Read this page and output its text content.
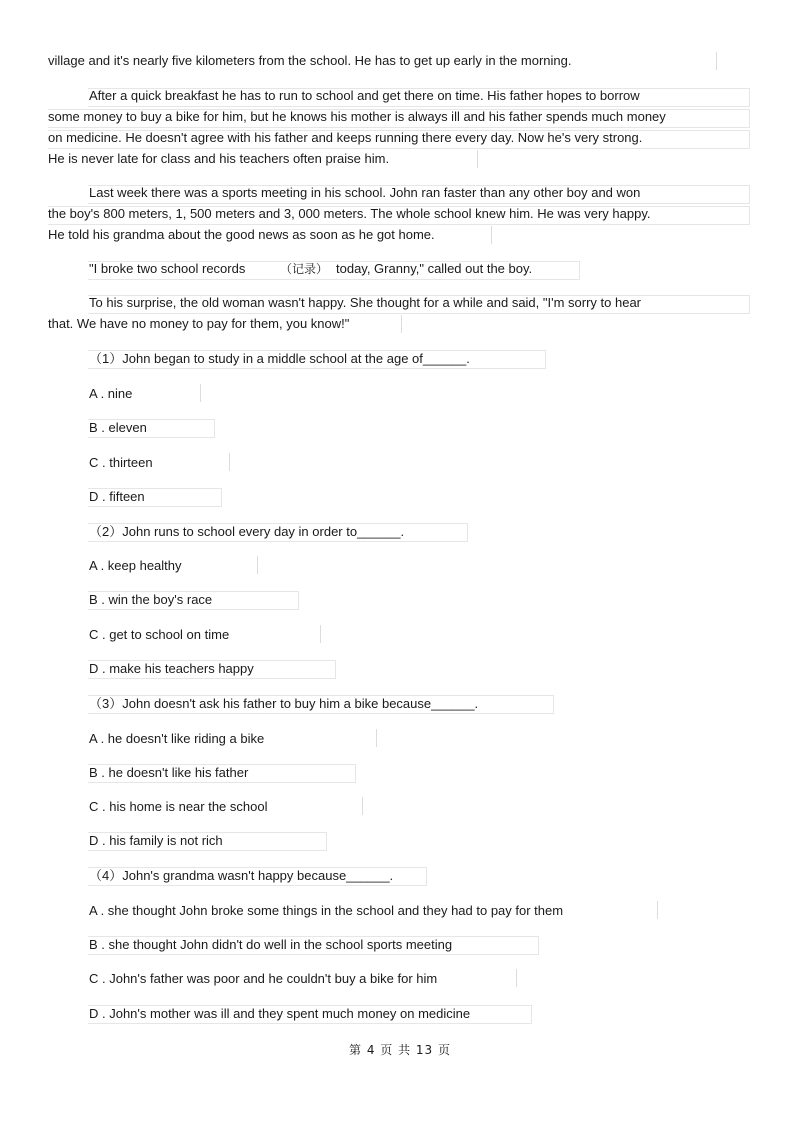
village and it's nearly five kilometers from the school. He has to get up early in the morning.
After a quick breakfast he has to run to school and get there on time. His father hopes to borrow
some money to buy a bike for him, but he knows his mother is always ill and his father spends much money
on medicine. He doesn't agree with his father and keeps running there every day. Now he's very strong.
He is never late for class and his teachers often praise him.
Last week there was a sports meeting in his school. John ran faster than any other boy and won
the boy's 800 meters, 1, 500 meters and 3, 000 meters. The whole school knew him. He was very happy.
He told his grandma about the good news as soon as he got home.
"I broke two school records	（记录） today, Granny," called out the boy.
To his surprise, the old woman wasn't happy. She thought for a while and said, "I'm sorry to hear
that. We have no money to pay for them, you know!"
（1）John began to study in a middle school at the age of______.
A . nine
B . eleven
C . thirteen
D . fifteen
（2）John runs to school every day in order to______.
A . keep healthy
B . win the boy's race
C . get to school on time
D . make his teachers happy
（3）John doesn't ask his father to buy him a bike because______.
A . he doesn't like riding a bike
B . he doesn't like his father
C . his home is near the school
D . his family is not rich
（4）John's grandma wasn't happy because______.
A . she thought John broke some things in the school and they had to pay for them
B . she thought John didn't do well in the school sports meeting
C . John's father was poor and he couldn't buy a bike for him
D . John's mother was ill and they spent much money on medicine
第 4 页 共 13 页
